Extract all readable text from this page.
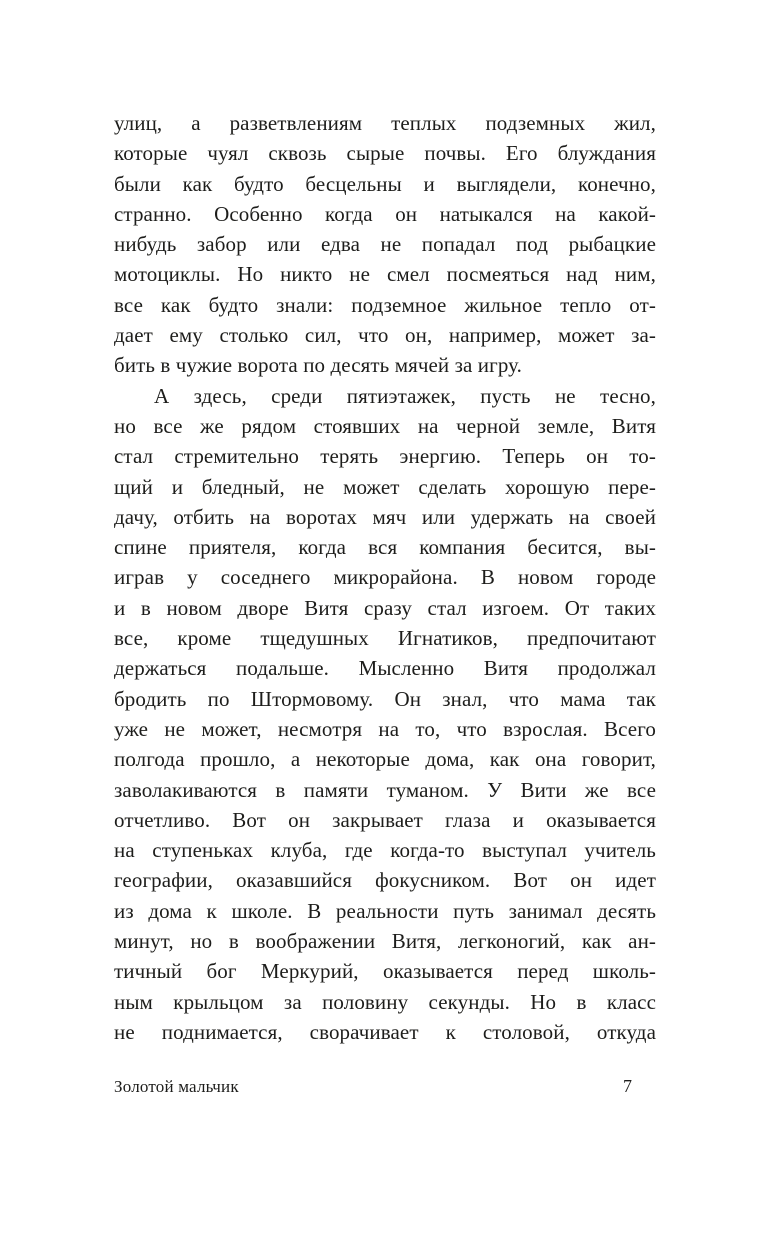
улиц, а разветвлениям теплых подземных жил,
которые чуял сквозь сырые почвы. Его блуждания
были как будто бесцельны и выглядели, конечно,
странно. Особенно когда он натыкался на какой-
нибудь забор или едва не попадал под рыбацкие
мотоциклы. Но никто не смел посмеяться над ним,
все как будто знали: подземное жильное тепло от-
дает ему столько сил, что он, например, может за-
бить в чужие ворота по десять мячей за игру.
А здесь, среди пятиэтажек, пусть не тесно,
но все же рядом стоявших на черной земле, Витя
стал стремительно терять энергию. Теперь он то-
щий и бледный, не может сделать хорошую пере-
дачу, отбить на воротах мяч или удержать на своей
спине приятеля, когда вся компания бесится, вы-
играв у соседнего микрорайона. В новом городе
и в новом дворе Витя сразу стал изгоем. От таких
все, кроме тщедушных Игнатиков, предпочитают
держаться подальше. Мысленно Витя продолжал
бродить по Штормовому. Он знал, что мама так
уже не может, несмотря на то, что взрослая. Всего
полгода прошло, а некоторые дома, как она говорит,
заволакиваются в памяти туманом. У Вити же все
отчетливо. Вот он закрывает глаза и оказывается
на ступеньках клуба, где когда-то выступал учитель
географии, оказавшийся фокусником. Вот он идет
из дома к школе. В реальности путь занимал десять
минут, но в воображении Витя, легконогий, как ан-
тичный бог Меркурий, оказывается перед школь-
ным крыльцом за половину секунды. Но в класс
не поднимается, сворачивает к столовой, откуда
Золотой мальчик	7
